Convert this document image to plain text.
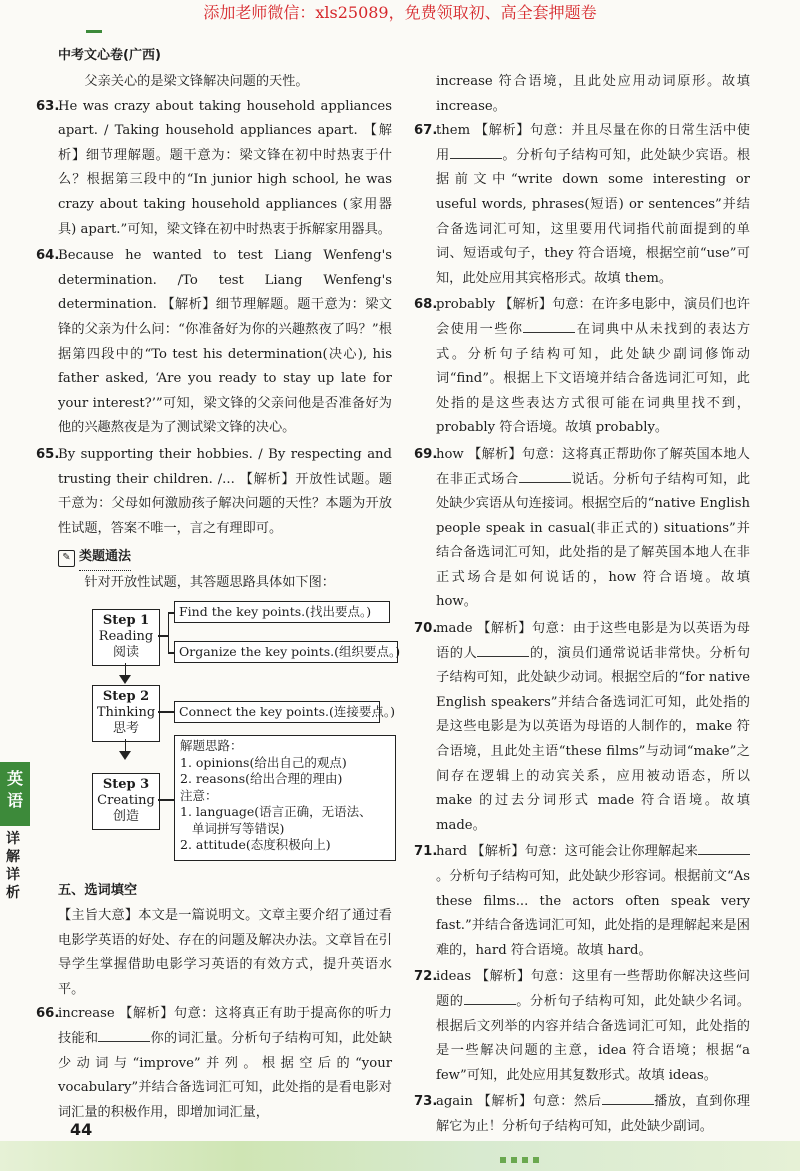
添加老师微信：xls25089，免费领取初、高全套押题卷
中考文心卷(广西)

父亲关心的是梁文锋解决问题的天性。

63.He was crazy about taking household appliances apart. / Taking household appliances apart. 【解析】细节理解题。题干意为：梁文锋在初中时热衷于什么？根据第三段中的“In junior high school, he was crazy about taking household appliances (家用器具) apart.”可知，梁文锋在初中时热衷于拆解家用器具。

64.Because he wanted to test Liang Wenfeng's determination. /To test Liang Wenfeng's determination. 【解析】细节理解题。题干意为：梁文锋的父亲为什么问：“你准备好为你的兴趣熬夜了吗？”根据第四段中的“To test his determination(决心), his father asked, ‘Are you ready to stay up late for your interest?’”可知，梁文锋的父亲问他是否准备好为他的兴趣熬夜是为了测试梁文锋的决心。

65.By supporting their hobbies. / By respecting and trusting their children. /... 【解析】开放性试题。题干意为：父母如何激励孩子解决问题的天性？本题为开放性试题，答案不唯一，言之有理即可。

✎ 类题通法

针对开放性试题，其答题思路具体如下图：

Step 1
Reading
阅读
Find the key points.(找出要点。)
Organize the key points.(组织要点。)
Step 2
Thinking
思考
Connect the key points.(连接要点。)
Step 3
Creating
创造
解题思路：
1. opinions(给出自己的观点)
2. reasons(给出合理的理由)
注意：
1. language(语言正确，无语法、
单词拼写等错误)
2. attitude(态度积极向上)

五、选词填空

【主旨大意】本文是一篇说明文。文章主要介绍了通过看电影学英语的好处、存在的问题及解决办法。文章旨在引导学生掌握借助电影学习英语的有效方式，提升英语水平。

66.increase 【解析】句意：这将真正有助于提高你的听力技能和	你的词汇量。分析句子结构可知，此处缺少动词与“improve”并列。根据空后的“your vocabulary”并结合备选词汇可知，此处指的是看电影对词汇量的积极作用，即增加词汇量，

increase 符合语境，且此处应用动词原形。故填 increase。

67.them 【解析】句意：并且尽量在你的日常生活中使用	。分析句子结构可知，此处缺少宾语。根据前文中“write down some interesting or useful words, phrases(短语) or sentences”并结合备选词汇可知，这里要用代词指代前面提到的单词、短语或句子，they 符合语境，根据空前“use”可知，此处应用其宾格形式。故填 them。

68.probably 【解析】句意：在许多电影中，演员们也许会使用一些你	在词典中从未找到的表达方式。分析句子结构可知，此处缺少副词修饰动词“find”。根据上下文语境并结合备选词汇可知，此处指的是这些表达方式很可能在词典里找不到，probably 符合语境。故填 probably。

69.how 【解析】句意：这将真正帮助你了解英国本地人在非正式场合	说话。分析句子结构可知，此处缺少宾语从句连接词。根据空后的“native English people speak in casual(非正式的) situations”并结合备选词汇可知，此处指的是了解英国本地人在非正式场合是如何说话的，how 符合语境。故填 how。

70.made 【解析】句意：由于这些电影是为以英语为母语的人	的，演员们通常说话非常快。分析句子结构可知，此处缺少动词。根据空后的“for native English speakers”并结合备选词汇可知，此处指的是这些电影是为以英语为母语的人制作的，make 符合语境，且此处主语“these films”与动词“make”之间存在逻辑上的动宾关系，应用被动语态，所以 make 的过去分词形式 made 符合语境。故填 made。

71.hard 【解析】句意：这可能会让你理解起来。分析句子结构可知，此处缺少形容词。根据前文“As these films... the actors often speak very fast.”并结合备选词汇可知，此处指的是理解起来是困难的，hard 符合语境。故填 hard。

72.ideas 【解析】句意：这里有一些帮助你解决这些问题的	。分析句子结构可知，此处缺少名词。根据后文列举的内容并结合备选词汇可知，此处指的是一些解决问题的主意，idea 符合语境；根据“a few”可知，此处应用其复数形式。故填 ideas。

73.again 【解析】句意：然后	播放，直到你理解它为止！分析句子结构可知，此处缺少副词。

英语
详解详析
44
